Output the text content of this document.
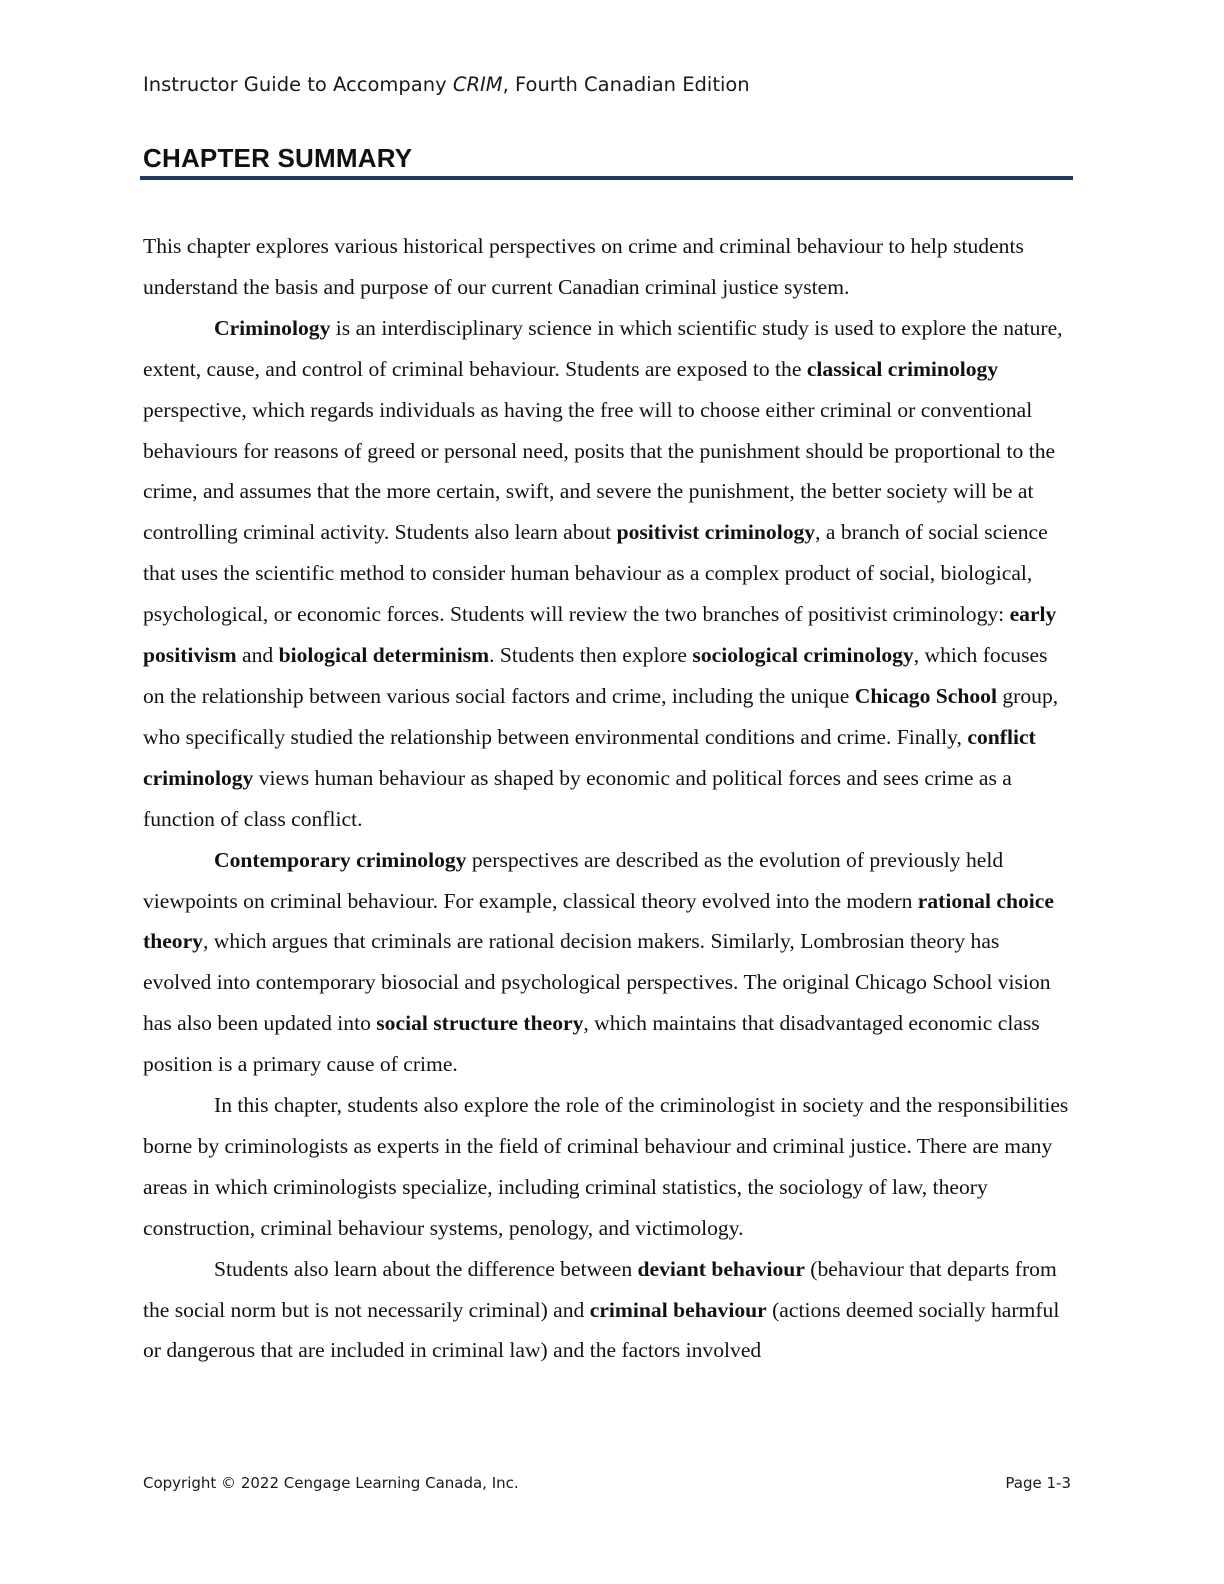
Instructor Guide to Accompany CRIM, Fourth Canadian Edition
CHAPTER SUMMARY

This chapter explores various historical perspectives on crime and criminal behaviour to help students understand the basis and purpose of our current Canadian criminal justice system.

Criminology is an interdisciplinary science in which scientific study is used to explore the nature, extent, cause, and control of criminal behaviour. Students are exposed to the classical criminology perspective, which regards individuals as having the free will to choose either criminal or conventional behaviours for reasons of greed or personal need, posits that the punishment should be proportional to the crime, and assumes that the more certain, swift, and severe the punishment, the better society will be at controlling criminal activity. Students also learn about positivist criminology, a branch of social science that uses the scientific method to consider human behaviour as a complex product of social, biological, psychological, or economic forces. Students will review the two branches of positivist criminology: early positivism and biological determinism. Students then explore sociological criminology, which focuses on the relationship between various social factors and crime, including the unique Chicago School group, who specifically studied the relationship between environmental conditions and crime. Finally, conflict criminology views human behaviour as shaped by economic and political forces and sees crime as a function of class conflict.

Contemporary criminology perspectives are described as the evolution of previously held viewpoints on criminal behaviour. For example, classical theory evolved into the modern rational choice theory, which argues that criminals are rational decision makers. Similarly, Lombrosian theory has evolved into contemporary biosocial and psychological perspectives. The original Chicago School vision has also been updated into social structure theory, which maintains that disadvantaged economic class position is a primary cause of crime.

In this chapter, students also explore the role of the criminologist in society and the responsibilities borne by criminologists as experts in the field of criminal behaviour and criminal justice. There are many areas in which criminologists specialize, including criminal statistics, the sociology of law, theory construction, criminal behaviour systems, penology, and victimology.

Students also learn about the difference between deviant behaviour (behaviour that departs from the social norm but is not necessarily criminal) and criminal behaviour (actions deemed socially harmful or dangerous that are included in criminal law) and the factors involved

Copyright © 2022 Cengage Learning Canada, Inc.	Page 1-3
